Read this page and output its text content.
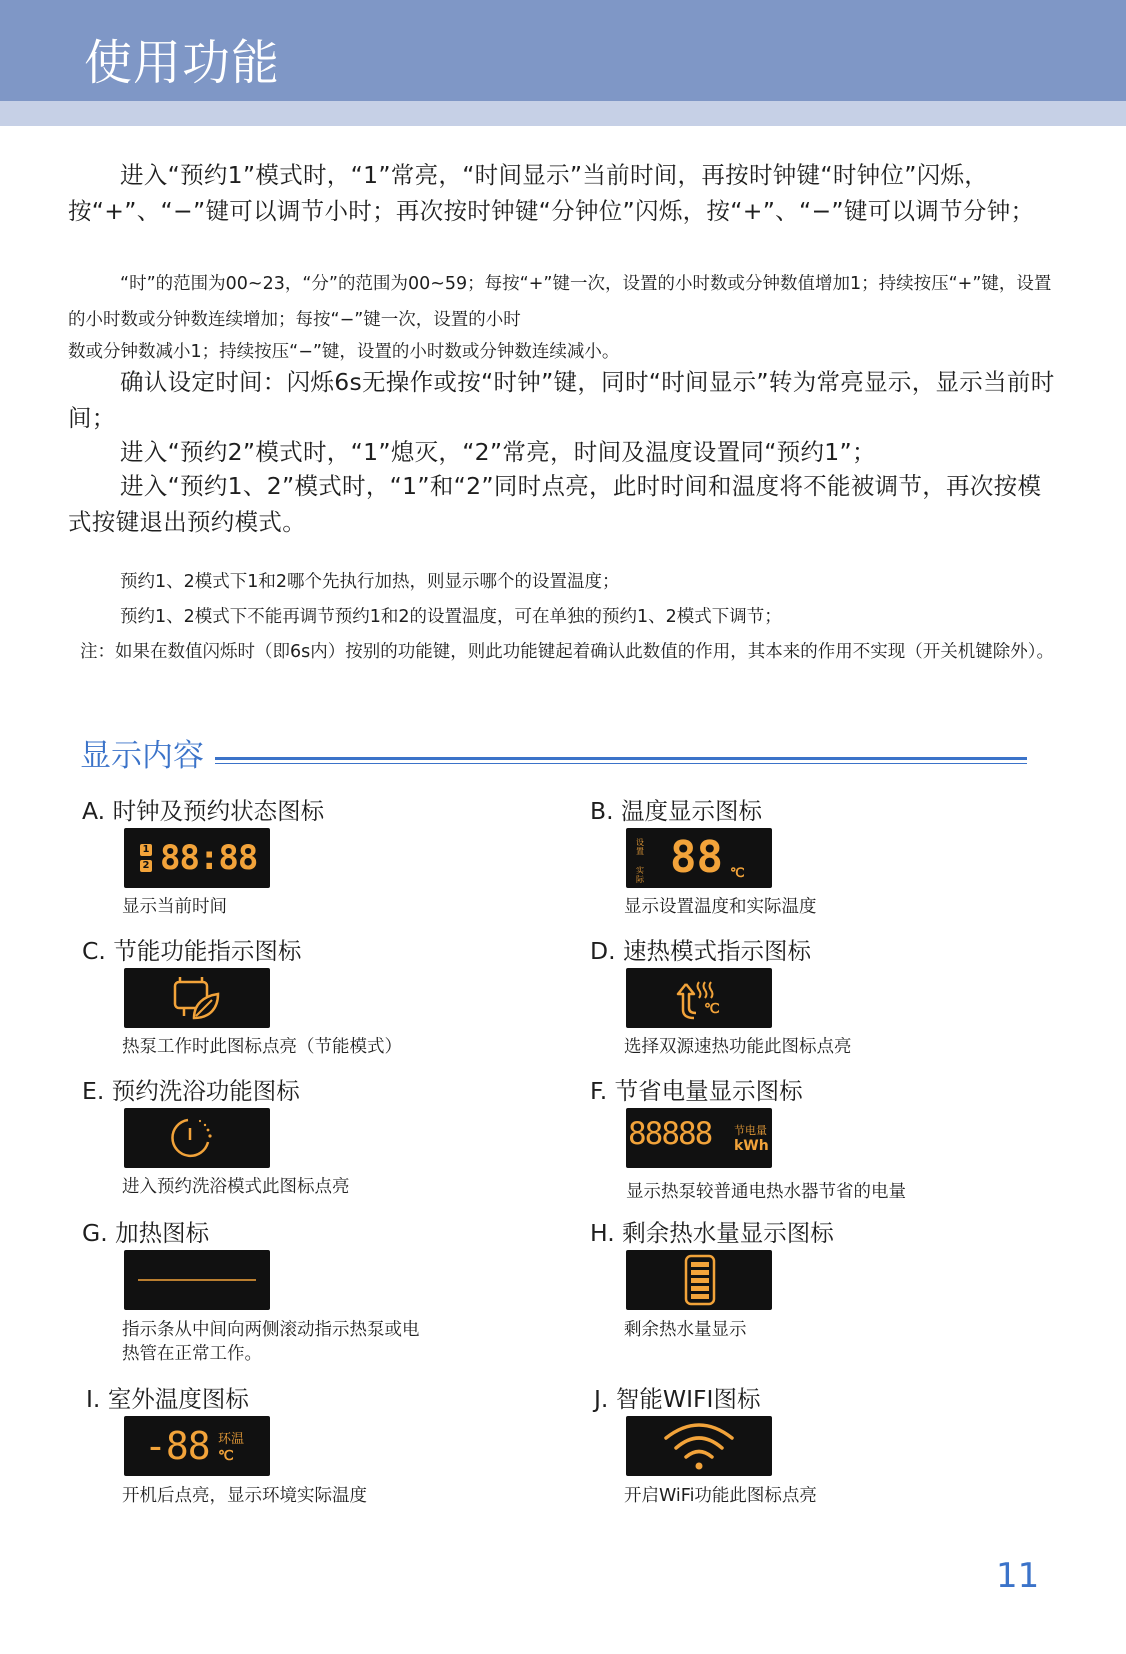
使用功能

进入“预约1”模式时，“1”常亮，“时间显示”当前时间，再按时钟键“时钟位”闪烁，按“+”、“−”键可以调节小时；再次按时钟键“分钟位”闪烁，按“+”、“−”键可以调节分钟；

“时”的范围为00~23，“分”的范围为00~59；每按“+”键一次，设置的小时数或分钟数值增加1；持续按压“+”键，设置的小时数或分钟数连续增加；每按“−”键一次，设置的小时

数或分钟数减小1；持续按压“−”键，设置的小时数或分钟数连续减小。

确认设定时间：闪烁6s无操作或按“时钟”键，同时“时间显示”转为常亮显示，显示当前时间；

进入“预约2”模式时，“1”熄灭，“2”常亮，时间及温度设置同“预约1”；

进入“预约1、2”模式时，“1”和“2”同时点亮，此时时间和温度将不能被调节，再次按模式按键退出预约模式。

预约1、2模式下1和2哪个先执行加热，则显示哪个的设置温度；

预约1、2模式下不能再调节预约1和2的设置温度，可在单独的预约1、2模式下调节；

注：如果在数值闪烁时（即6s内）按别的功能键，则此功能键起着确认此数值的作用，其本来的作用不实现（开关机键除外）。

显示内容
A. 时钟及预约状态图标
1
2 88:88
显示当前时间
B. 温度显示图标
设置
实际 88 ℃
显示设置温度和实际温度
C. 节能功能指示图标
热泵工作时此图标点亮（节能模式）
D. 速热模式指示图标
℃
选择双源速热功能此图标点亮
E. 预约洗浴功能图标
进入预约洗浴模式此图标点亮
F. 节省电量显示图标
88888 节电量
kWh
显示热泵较普通电热水器节省的电量
G. 加热图标
指示条从中间向两侧滚动指示热泵或电热管在正常工作。
H. 剩余热水量显示图标
剩余热水量显示
I. 室外温度图标
-88 环温
℃
开机后点亮，显示环境实际温度
J. 智能WIFI图标
开启WiFi功能此图标点亮
11
